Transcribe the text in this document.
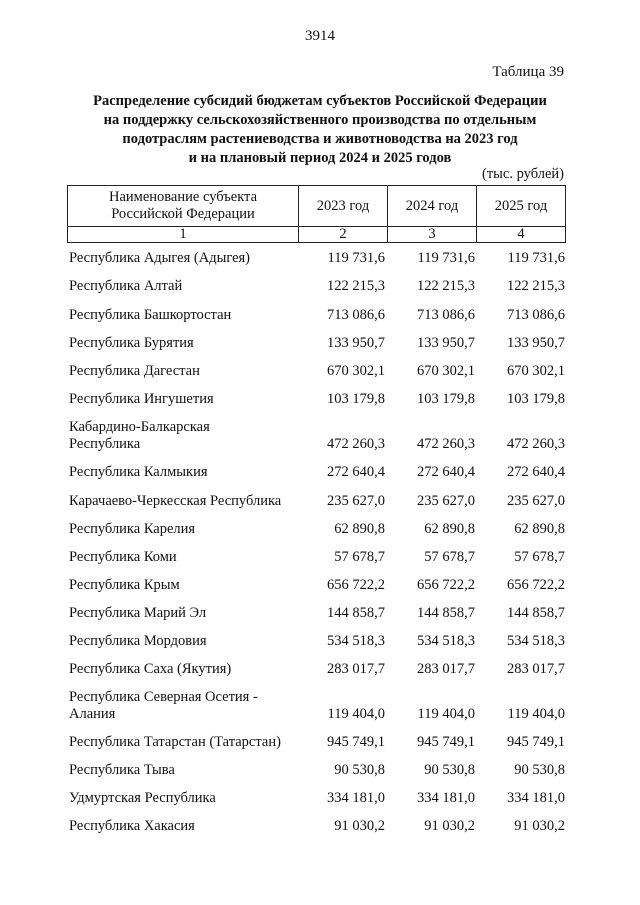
3914
Таблица 39
Распределение субсидий бюджетам субъектов Российской Федерации
на поддержку сельскохозяйственного производства по отдельным
подотраслям растениеводства и животноводства на 2023 год
и на плановый период 2024 и 2025 годов
(тыс. рублей)
Наименование субъекта
Российской Федерации	2023 год	2024 год	2025 год
1	2	3	4
Республика Адыгея (Адыгея)	119 731,6	119 731,6	119 731,6
Республика Алтай	122 215,3	122 215,3	122 215,3
Республика Башкортостан	713 086,6	713 086,6	713 086,6
Республика Бурятия	133 950,7	133 950,7	133 950,7
Республика Дагестан	670 302,1	670 302,1	670 302,1
Республика Ингушетия	103 179,8	103 179,8	103 179,8
Кабардино-Балкарская
Республика	472 260,3	472 260,3	472 260,3
Республика Калмыкия	272 640,4	272 640,4	272 640,4
Карачаево-Черкесская Республика	235 627,0	235 627,0	235 627,0
Республика Карелия	62 890,8	62 890,8	62 890,8
Республика Коми	57 678,7	57 678,7	57 678,7
Республика Крым	656 722,2	656 722,2	656 722,2
Республика Марий Эл	144 858,7	144 858,7	144 858,7
Республика Мордовия	534 518,3	534 518,3	534 518,3
Республика Саха (Якутия)	283 017,7	283 017,7	283 017,7
Республика Северная Осетия -
Алания	119 404,0	119 404,0	119 404,0
Республика Татарстан (Татарстан)	945 749,1	945 749,1	945 749,1
Республика Тыва	90 530,8	90 530,8	90 530,8
Удмуртская Республика	334 181,0	334 181,0	334 181,0
Республика Хакасия	91 030,2	91 030,2	91 030,2
